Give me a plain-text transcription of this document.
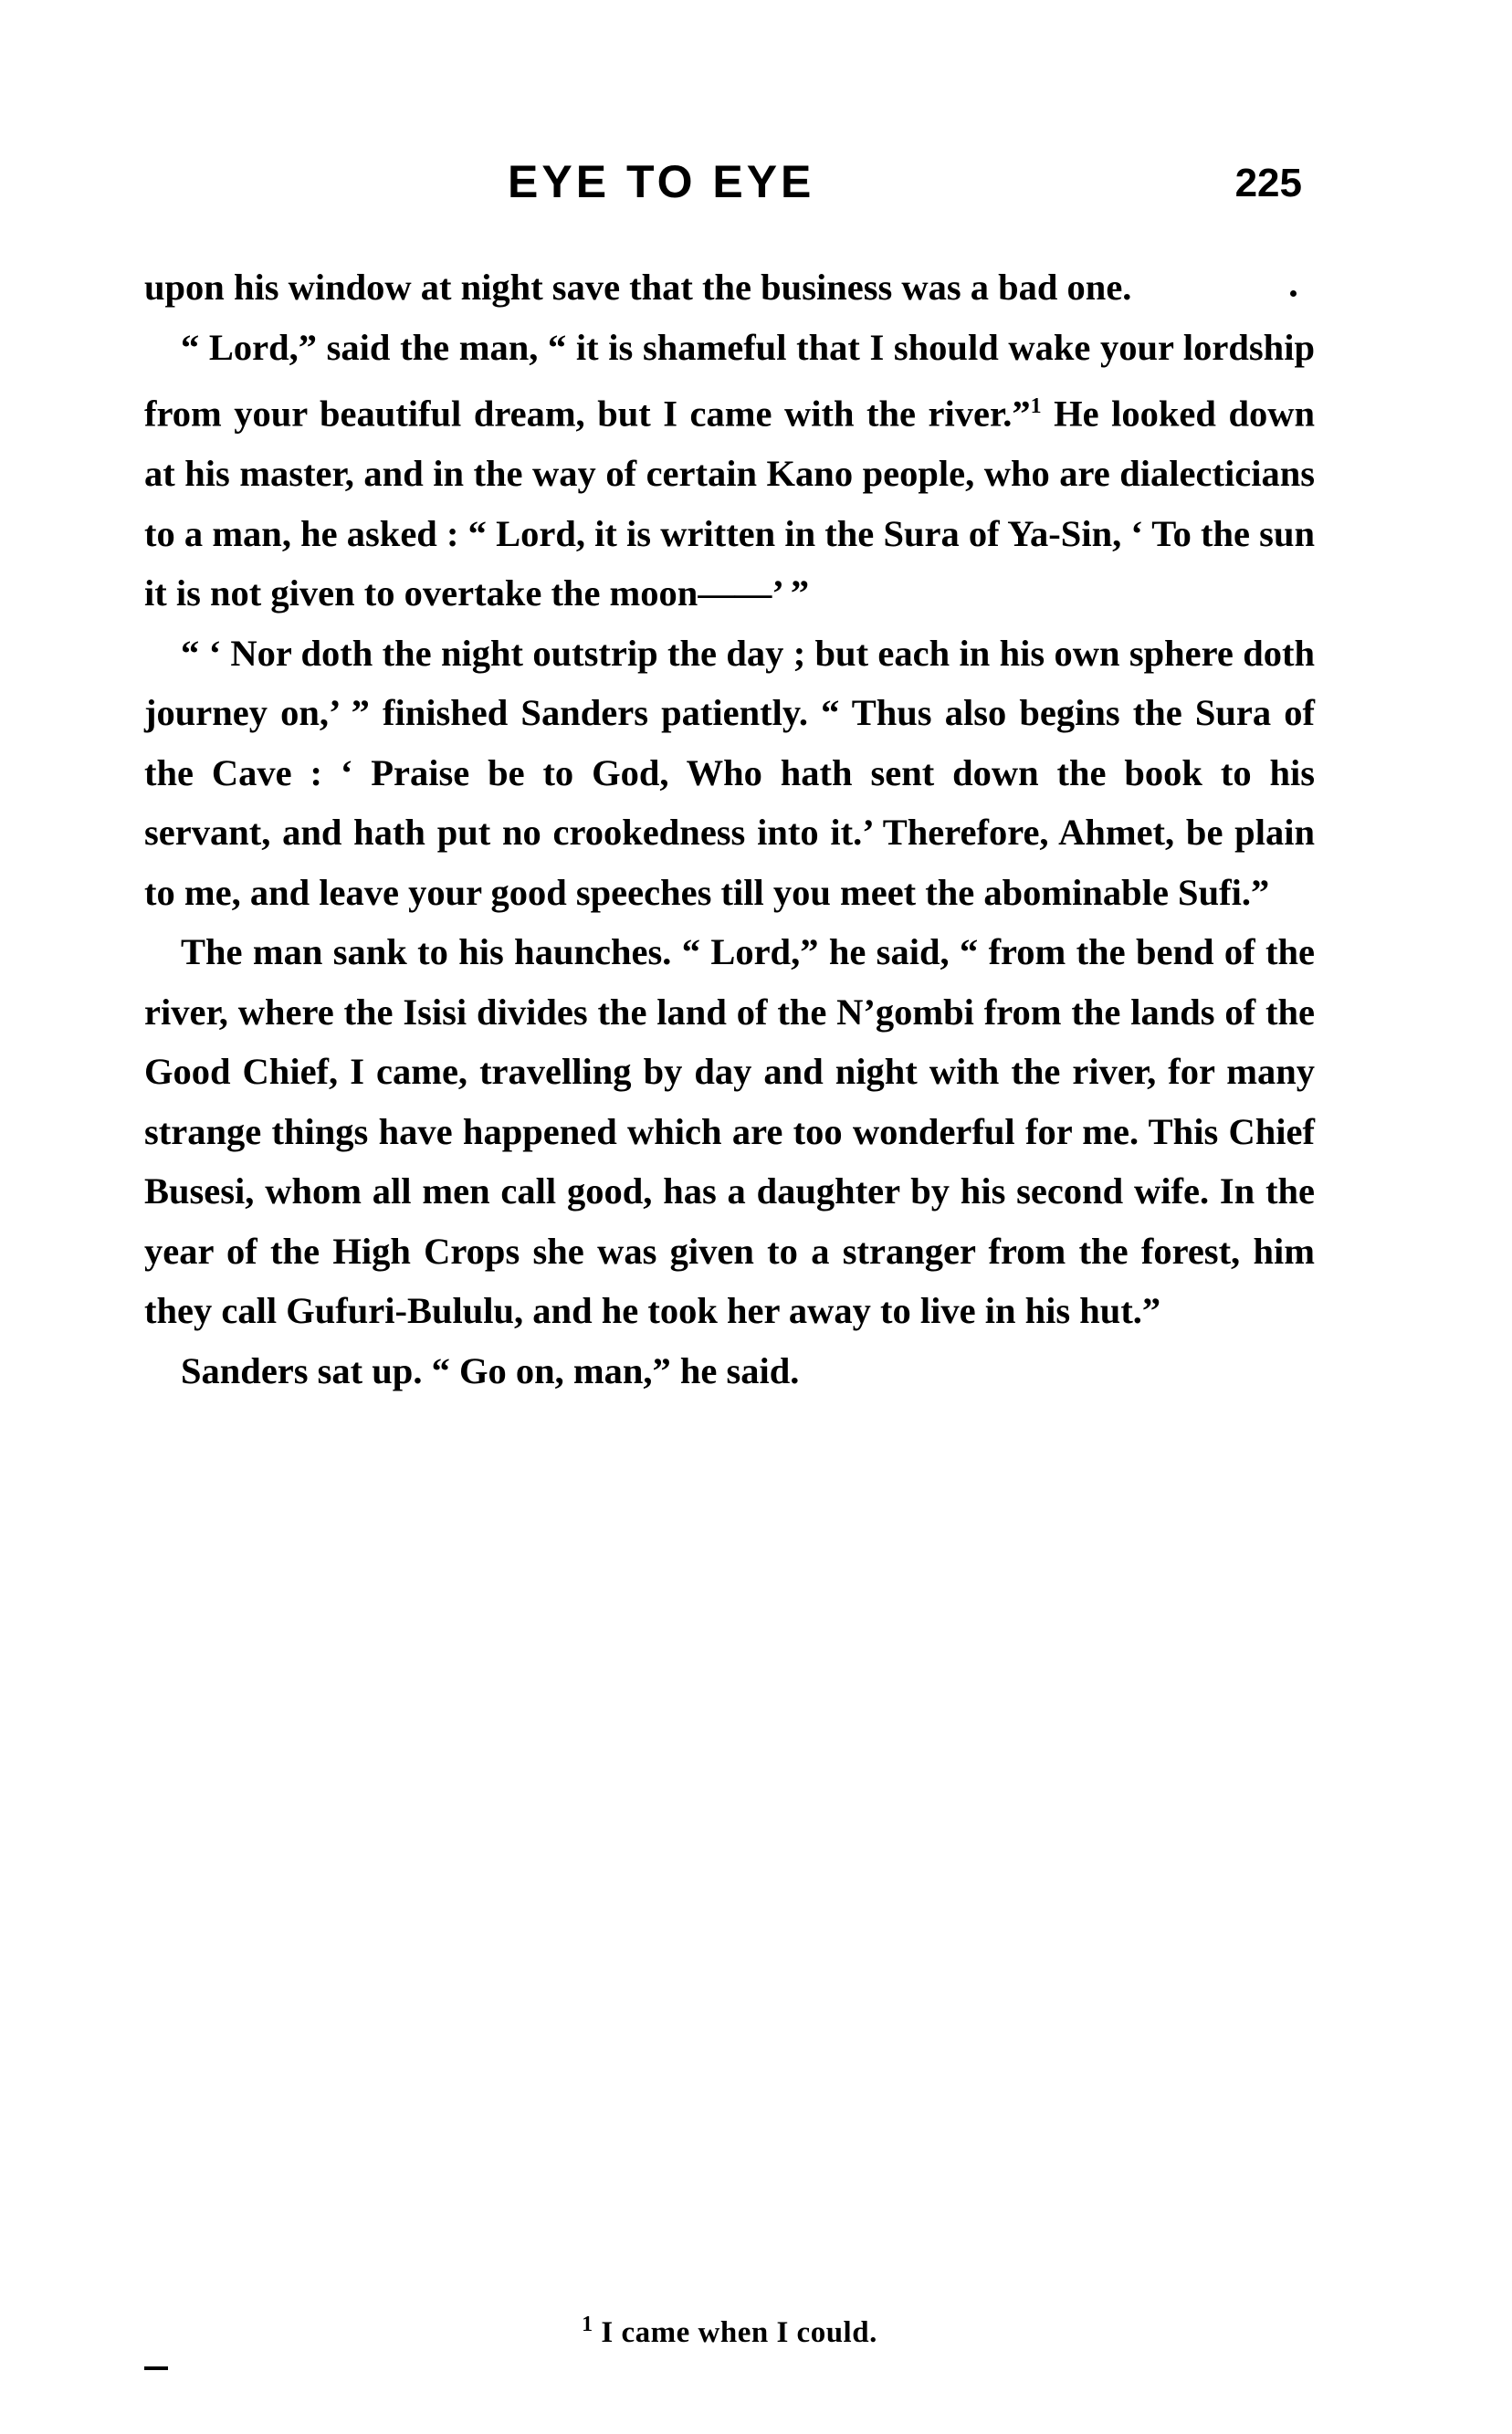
EYE TO EYE	225

upon his window at night save that the business was a bad one.

“ Lord,” said the man, “ it is shameful that I should wake your lordship from your beautiful dream, but I came with the river.”$^1$ He looked down at his master, and in the way of certain Kano people, who are dialecticians to a man, he asked : “ Lord, it is written in the Sura of Ya-Sin, ‘ To the sun it is not given to overtake the moon——’ ”

“ ‘ Nor doth the night outstrip the day ; but each in his own sphere doth journey on,’ ” finished Sanders patiently. “ Thus also begins the Sura of the Cave : ‘ Praise be to God, Who hath sent down the book to his servant, and hath put no crookedness into it.’ Therefore, Ahmet, be plain to me, and leave your good speeches till you meet the abominable Sufi.”

The man sank to his haunches. “ Lord,” he said, “ from the bend of the river, where the Isisi divides the land of the N’gombi from the lands of the Good Chief, I came, travelling by day and night with the river, for many strange things have happened which are too wonderful for me. This Chief Busesi, whom all men call good, has a daughter by his second wife. In the year of the High Crops she was given to a stranger from the forest, him they call Gufuri-Bululu, and he took her away to live in his hut.”

Sanders sat up. “ Go on, man,” he said.

$^1$ I came when I could.
